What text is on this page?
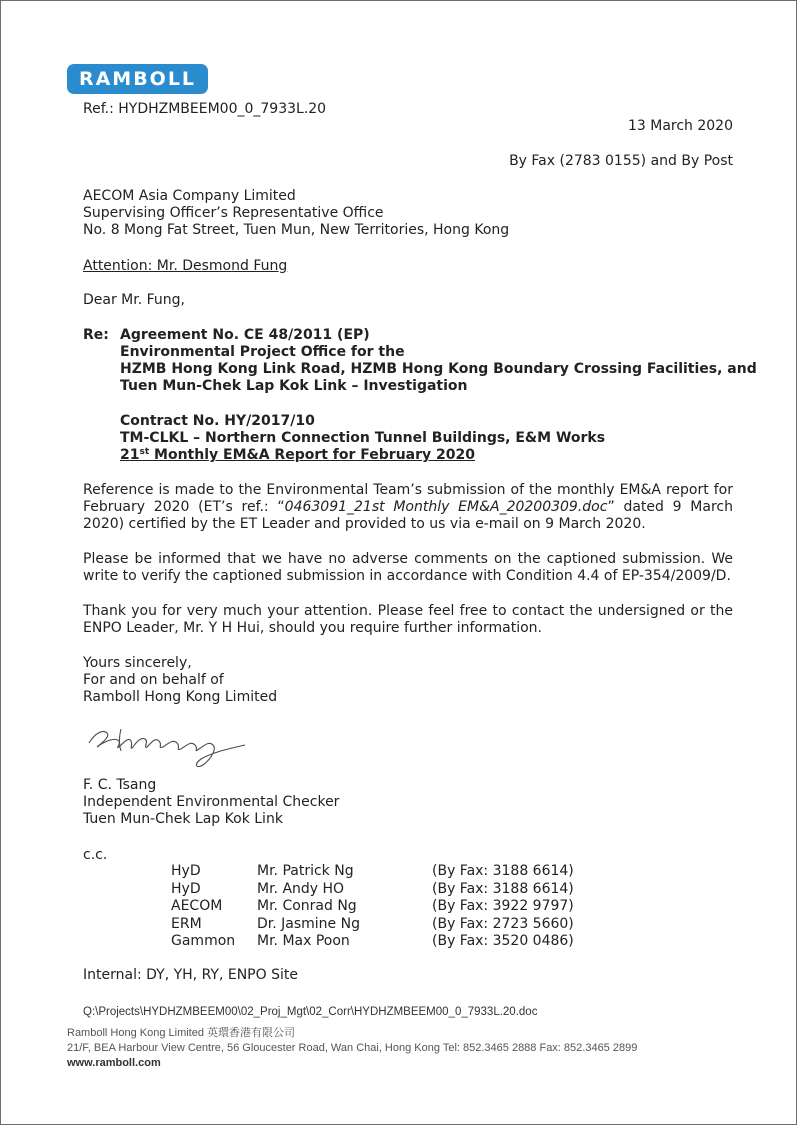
RAMBOLL
Ref.: HYDHZMBEEM00_0_7933L.20
13 March 2020
By Fax (2783 0155) and By Post
AECOM Asia Company Limited
Supervising Officer’s Representative Office
No. 8 Mong Fat Street, Tuen Mun, New Territories, Hong Kong
Attention: Mr. Desmond Fung
Dear Mr. Fung,
Re: Agreement No. CE 48/2011 (EP)
Environmental Project Office for the
HZMB Hong Kong Link Road, HZMB Hong Kong Boundary Crossing Facilities, and
Tuen Mun-Chek Lap Kok Link – Investigation
Contract No. HY/2017/10
TM-CLKL – Northern Connection Tunnel Buildings, E&M Works
21st Monthly EM&A Report for February 2020
Reference is made to the Environmental Team’s submission of the monthly EM&A report for February 2020 (ET’s ref.: “0463091_21st Monthly EM&A_20200309.doc” dated 9 March 2020) certified by the ET Leader and provided to us via e-mail on 9 March 2020.
Please be informed that we have no adverse comments on the captioned submission. We write to verify the captioned submission in accordance with Condition 4.4 of EP-354/2009/D.
Thank you for very much your attention. Please feel free to contact the undersigned or the ENPO Leader, Mr. Y H Hui, should you require further information.
Yours sincerely,
For and on behalf of
Ramboll Hong Kong Limited
F. C. Tsang
Independent Environmental Checker
Tuen Mun-Chek Lap Kok Link
c.c.
HyD	Mr. Patrick Ng	(By Fax: 3188 6614)
HyD	Mr. Andy HO	(By Fax: 3188 6614)
AECOM	Mr. Conrad Ng	(By Fax: 3922 9797)
ERM	Dr. Jasmine Ng	(By Fax: 2723 5660)
Gammon	Mr. Max Poon	(By Fax: 3520 0486)
Internal: DY, YH, RY, ENPO Site
Q:\Projects\HYDHZMBEEM00\02_Proj_Mgt\02_Corr\HYDHZMBEEM00_0_7933L.20.doc
Ramboll Hong Kong Limited 英環香港有限公司
21/F, BEA Harbour View Centre, 56 Gloucester Road, Wan Chai, Hong Kong Tel: 852.3465 2888 Fax: 852.3465 2899
www.ramboll.com
